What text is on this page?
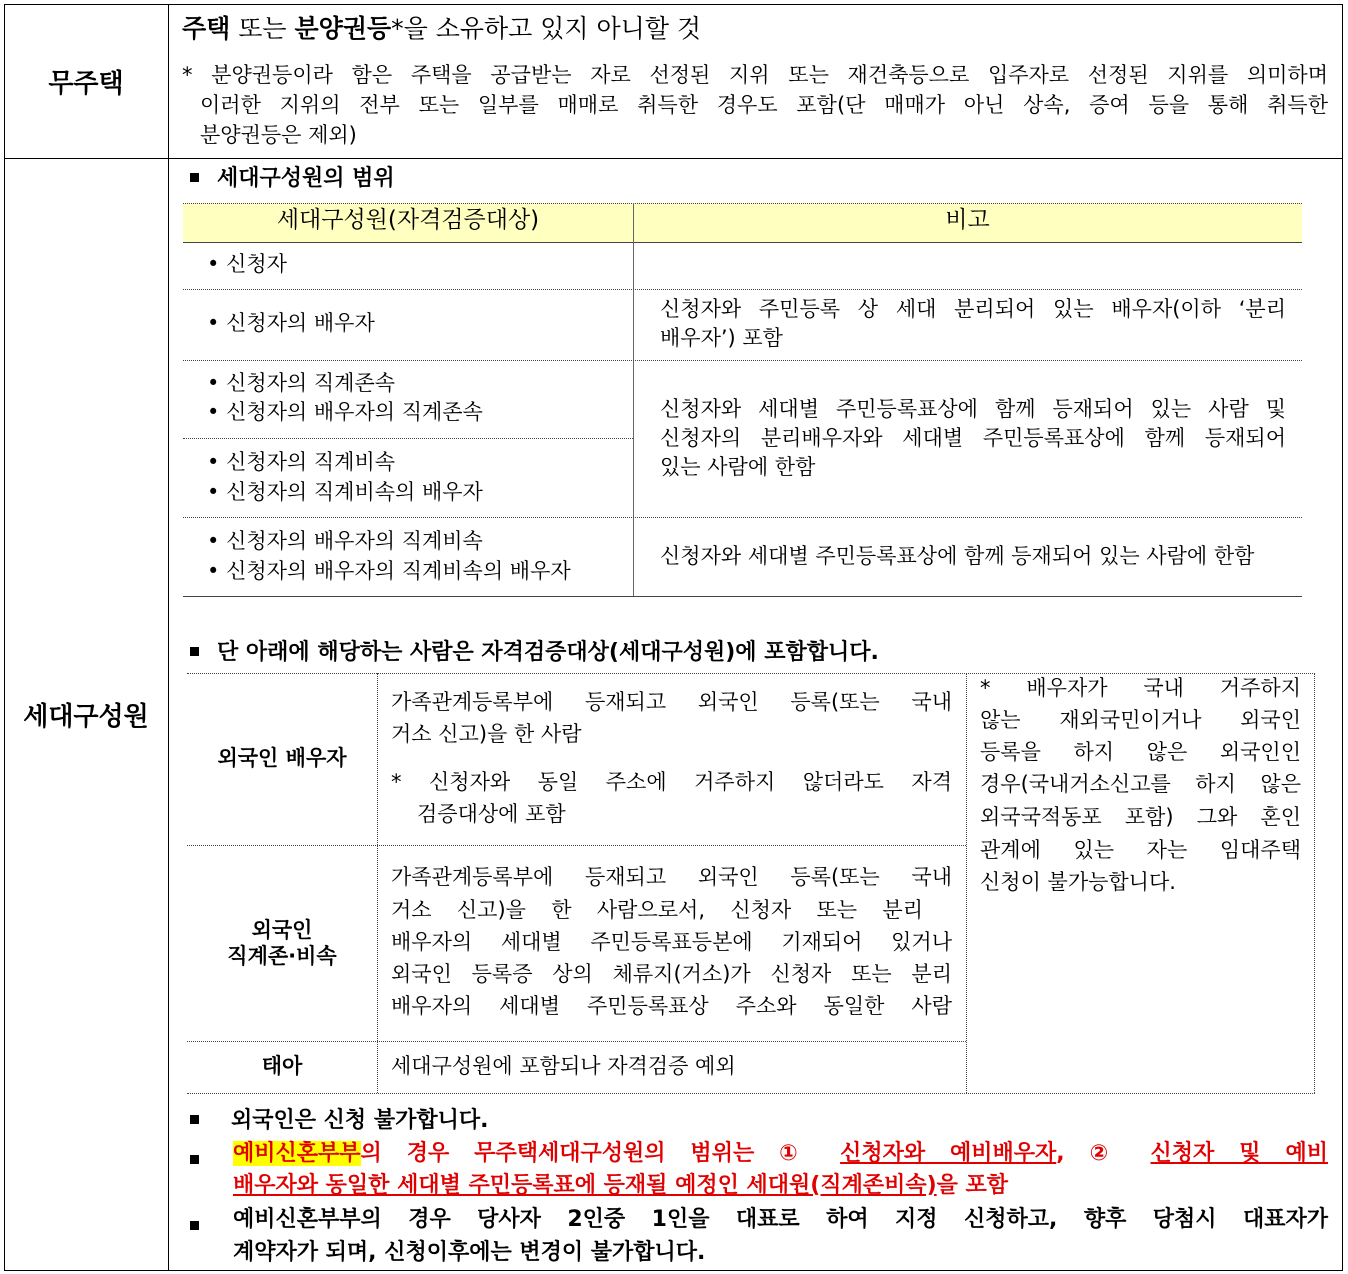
무주택
세대구성원
주택 또는 분양권등*을 소유하고 있지 아니할 것
* 분양권등이라 함은 주택을 공급받는 자로 선정된 지위 또는 재건축등으로 입주자로 선정된 지위를 의미하며
이러한 지위의 전부 또는 일부를 매매로 취득한 경우도 포함(단 매매가 아닌 상속, 증여 등을 통해 취득한
분양권등은 제외)
세대구성원의 범위
세대구성원(자격검증대상)	비고
• 신청자
• 신청자의 배우자
신청자와 주민등록 상 세대 분리되어 있는 배우자(이하 ‘분리
배우자’) 포함
• 신청자의 직계존속
• 신청자의 배우자의 직계존속
• 신청자의 직계비속
• 신청자의 직계비속의 배우자
신청자와 세대별 주민등록표상에 함께 등재되어 있는 사람 및
신청자의 분리배우자와 세대별 주민등록표상에 함께 등재되어
있는 사람에 한함
• 신청자의 배우자의 직계비속
• 신청자의 배우자의 직계비속의 배우자
신청자와 세대별 주민등록표상에 함께 등재되어 있는 사람에 한함
단 아래에 해당하는 사람은 자격검증대상(세대구성원)에 포함합니다.
외국인 배우자
가족관계등록부에 등재되고 외국인 등록(또는 국내
거소 신고)을 한 사람
* 신청자와 동일 주소에 거주하지 않더라도 자격
검증대상에 포함
외국인
직계존·비속
가족관계등록부에 등재되고 외국인 등록(또는 국내
거소 신고)을 한 사람으로서, 신청자 또는 분리
배우자의 세대별 주민등록표등본에 기재되어 있거나
외국인 등록증 상의 체류지(거소)가 신청자 또는 분리
배우자의 세대별 주민등록표상 주소와 동일한 사람
태아	세대구성원에 포함되나 자격검증 예외
* 배우자가 국내 거주하지
않는 재외국민이거나 외국인
등록을 하지 않은 외국인인
경우(국내거소신고를 하지 않은
외국국적동포 포함) 그와 혼인
관계에 있는 자는 임대주택
신청이 불가능합니다.
외국인은 신청 불가합니다.
예비신혼부부의 경우 무주택세대구성원의 범위는 ① 신청자와 예비배우자, ② 신청자 및 예비
배우자와 동일한 세대별 주민등록표에 등재될 예정인 세대원(직계존비속)을 포함
예비신혼부부의 경우 당사자 2인중 1인을 대표로 하여 지정 신청하고, 향후 당첨시 대표자가
계약자가 되며, 신청이후에는 변경이 불가합니다.
